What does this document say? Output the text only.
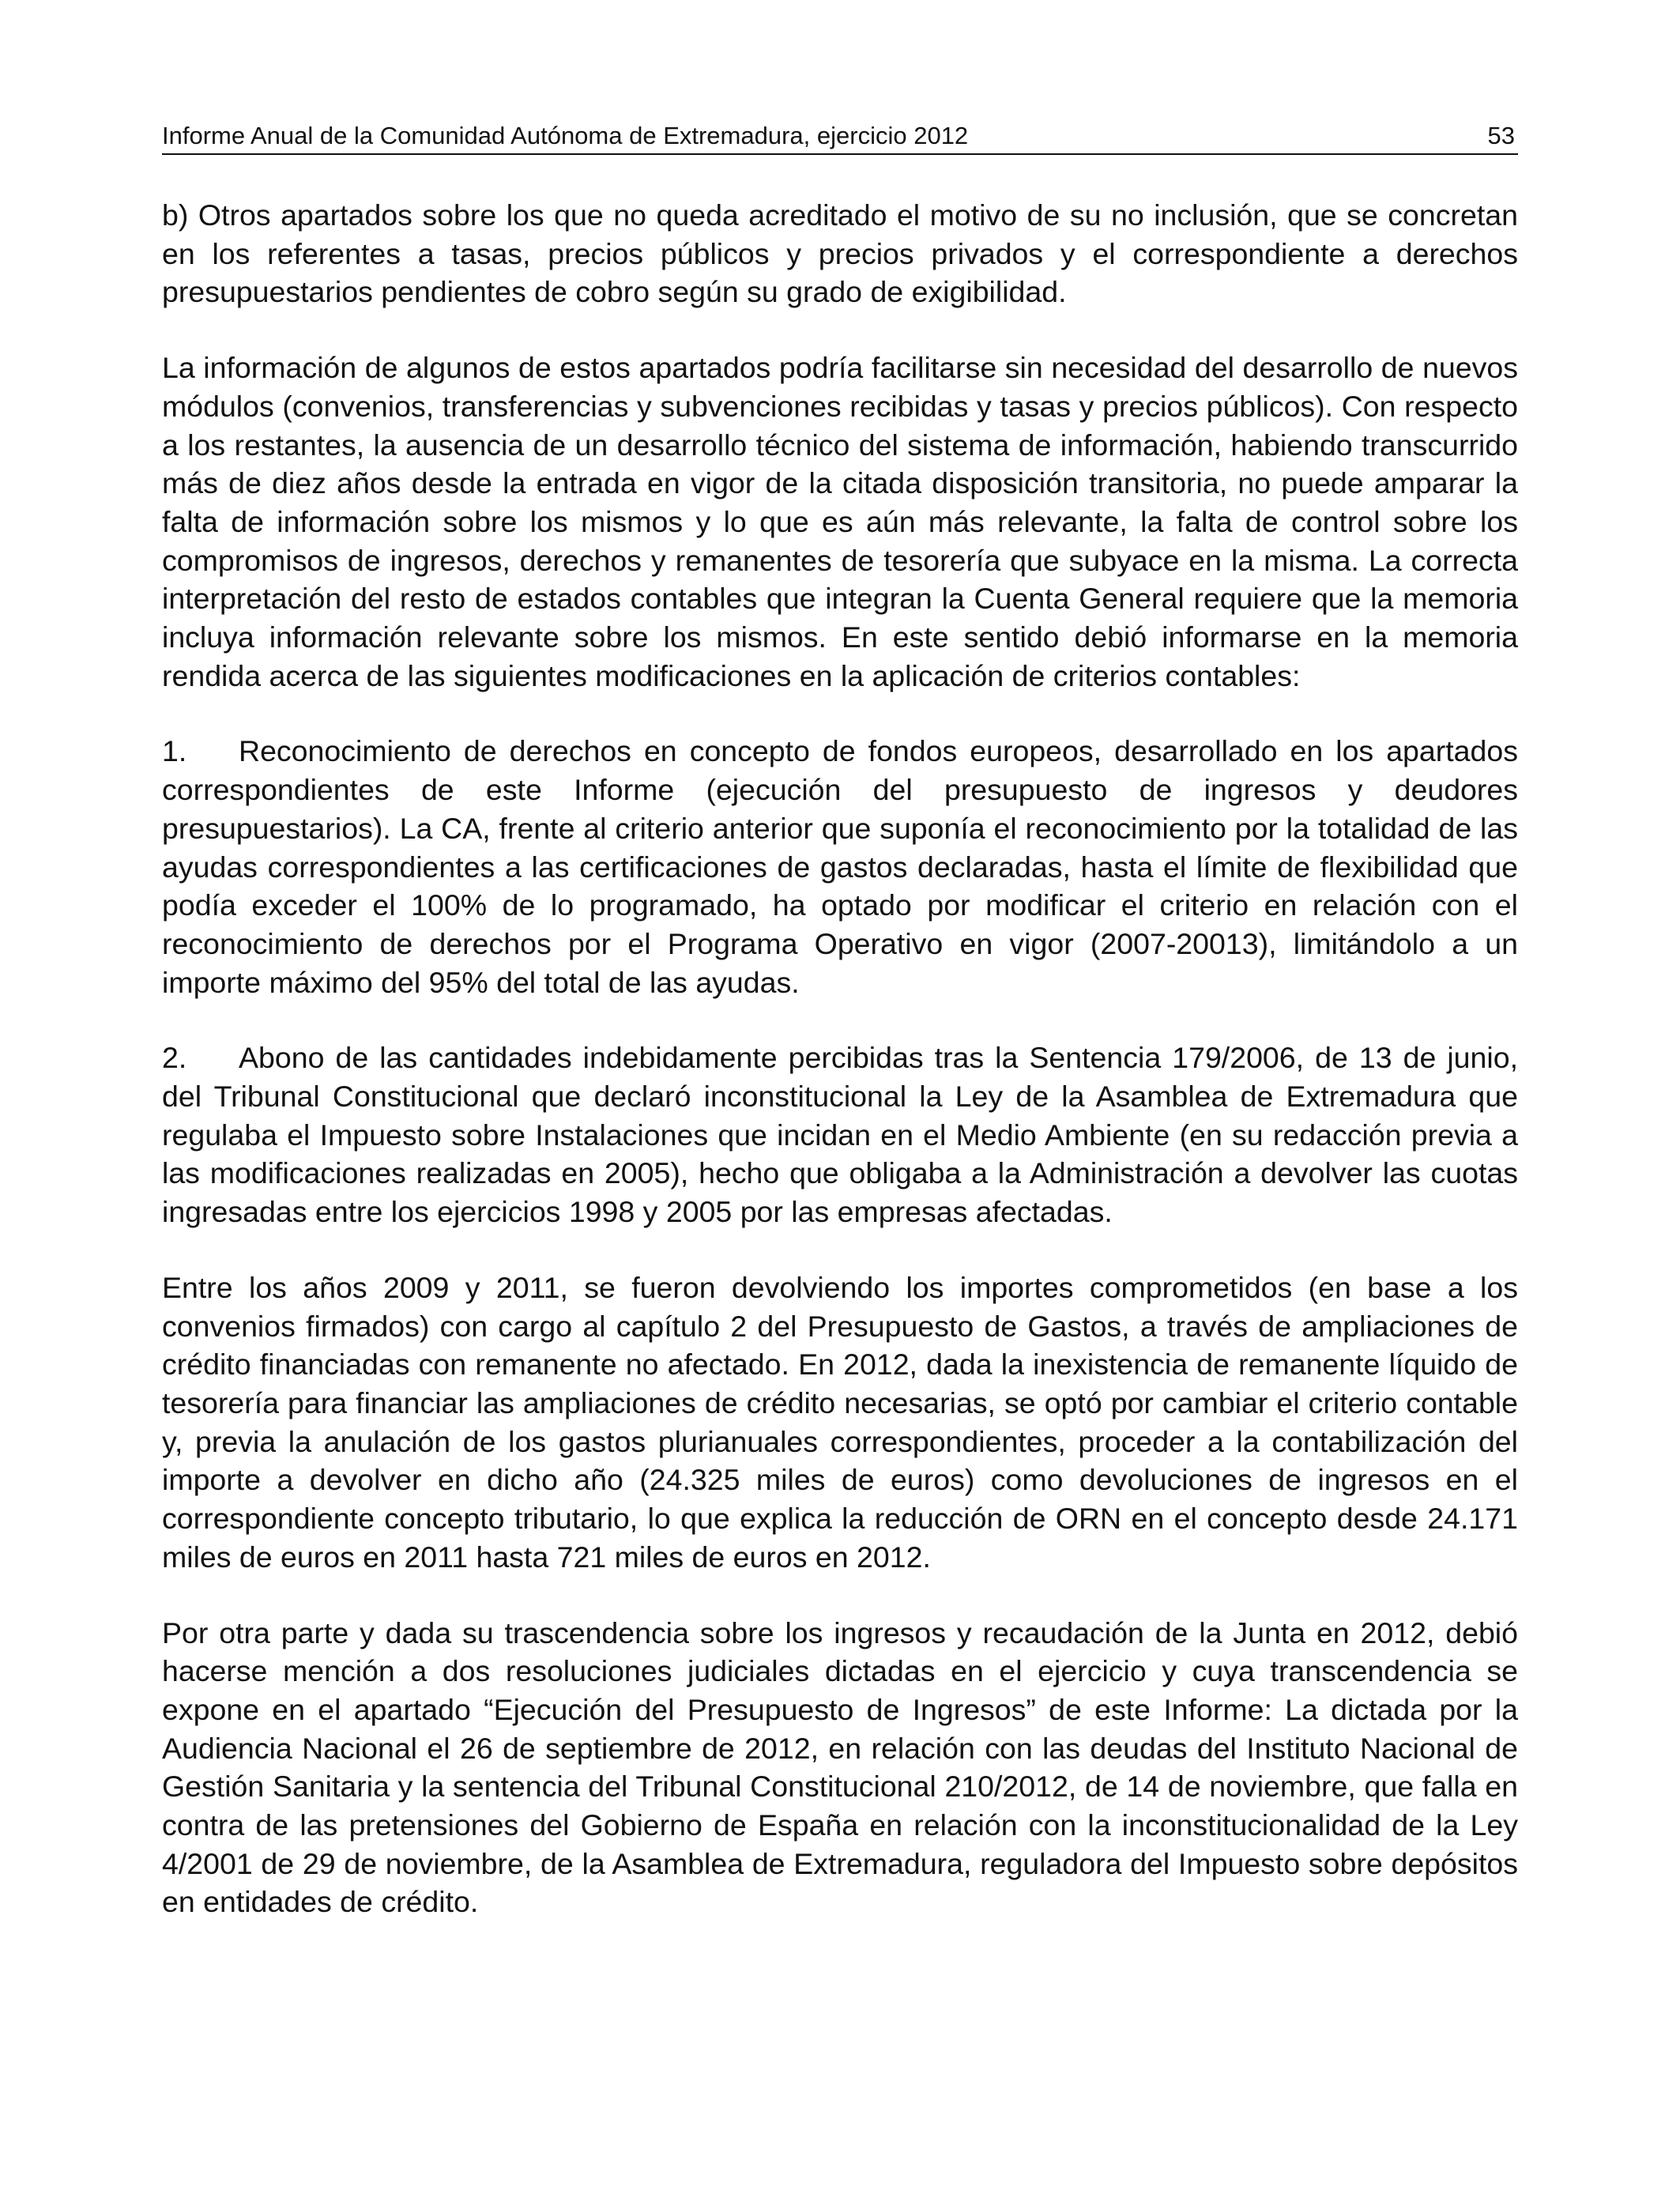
Informe Anual de la Comunidad Autónoma de Extremadura, ejercicio 2012	53

b) Otros apartados sobre los que no queda acreditado el motivo de su no inclusión, que se concretan en los referentes a tasas, precios públicos y precios privados y el correspondiente a derechos presupuestarios pendientes de cobro según su grado de exigibilidad.

La información de algunos de estos apartados podría facilitarse sin necesidad del desarrollo de nuevos módulos (convenios, transferencias y subvenciones recibidas y tasas y precios públicos). Con respecto a los restantes, la ausencia de un desarrollo técnico del sistema de información, habiendo transcurrido más de diez años desde la entrada en vigor de la citada disposición transitoria, no puede amparar la falta de información sobre los mismos y lo que es aún más relevante, la falta de control sobre los compromisos de ingresos, derechos y remanentes de tesorería que subyace en la misma. La correcta interpretación del resto de estados contables que integran la Cuenta General requiere que la memoria incluya información relevante sobre los mismos. En este sentido debió informarse en la memoria rendida acerca de las siguientes modificaciones en la aplicación de criterios contables:

1. Reconocimiento de derechos en concepto de fondos europeos, desarrollado en los apartados correspondientes de este Informe (ejecución del presupuesto de ingresos y deudores presupuestarios). La CA, frente al criterio anterior que suponía el reconocimiento por la totalidad de las ayudas correspondientes a las certificaciones de gastos declaradas, hasta el límite de flexibilidad que podía exceder el 100% de lo programado, ha optado por modificar el criterio en relación con el reconocimiento de derechos por el Programa Operativo en vigor (2007-20013), limitándolo a un importe máximo del 95% del total de las ayudas.

2. Abono de las cantidades indebidamente percibidas tras la Sentencia 179/2006, de 13 de junio, del Tribunal Constitucional que declaró inconstitucional la Ley de la Asamblea de Extremadura que regulaba el Impuesto sobre Instalaciones que incidan en el Medio Ambiente (en su redacción previa a las modificaciones realizadas en 2005), hecho que obligaba a la Administración a devolver las cuotas ingresadas entre los ejercicios 1998 y 2005 por las empresas afectadas.

Entre los años 2009 y 2011, se fueron devolviendo los importes comprometidos (en base a los convenios firmados) con cargo al capítulo 2 del Presupuesto de Gastos, a través de ampliaciones de crédito financiadas con remanente no afectado. En 2012, dada la inexistencia de remanente líquido de tesorería para financiar las ampliaciones de crédito necesarias, se optó por cambiar el criterio contable y, previa la anulación de los gastos plurianuales correspondientes, proceder a la contabilización del importe a devolver en dicho año (24.325 miles de euros) como devoluciones de ingresos en el correspondiente concepto tributario, lo que explica la reducción de ORN en el concepto desde 24.171 miles de euros en 2011 hasta 721 miles de euros en 2012.

Por otra parte y dada su trascendencia sobre los ingresos y recaudación de la Junta en 2012, debió hacerse mención a dos resoluciones judiciales dictadas en el ejercicio y cuya transcendencia se expone en el apartado “Ejecución del Presupuesto de Ingresos” de este Informe: La dictada por la Audiencia Nacional el 26 de septiembre de 2012, en relación con las deudas del Instituto Nacional de Gestión Sanitaria y la sentencia del Tribunal Constitucional 210/2012, de 14 de noviembre, que falla en contra de las pretensiones del Gobierno de España en relación con la inconstitucionalidad de la Ley 4/2001 de 29 de noviembre, de la Asamblea de Extremadura, reguladora del Impuesto sobre depósitos en entidades de crédito.
